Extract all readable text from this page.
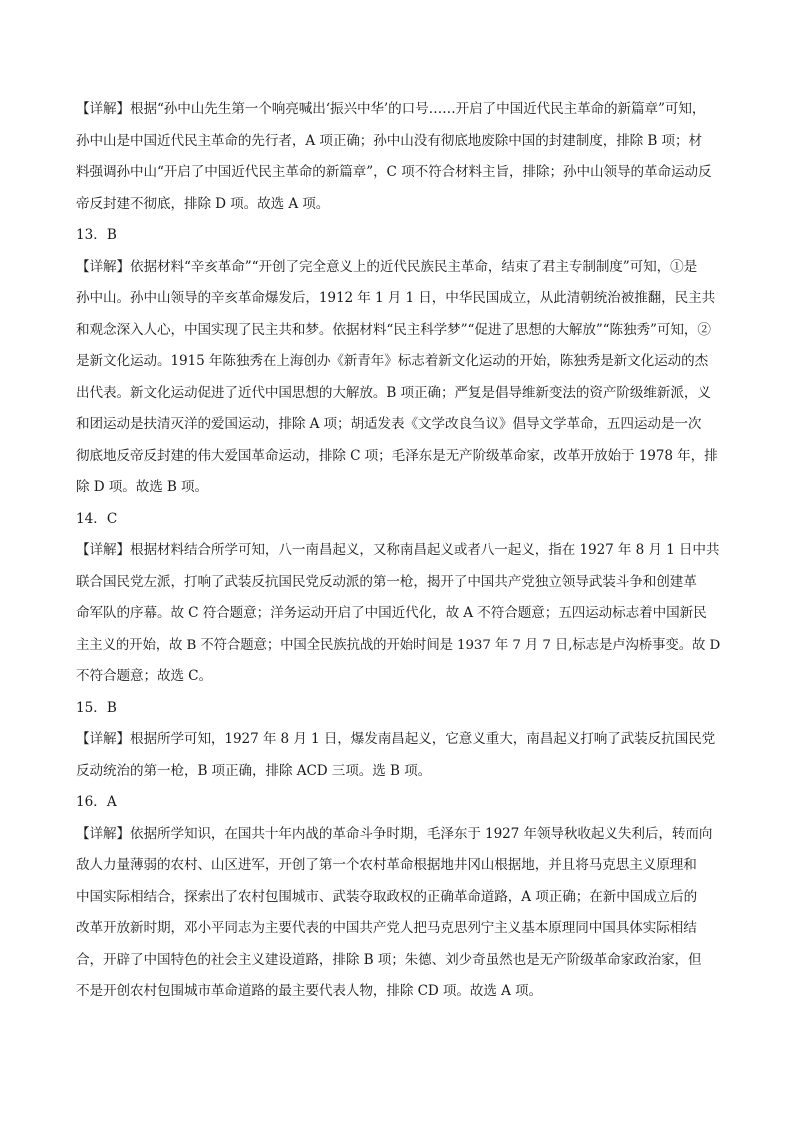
【详解】根据“孙中山先生第一个响亮喊出‘振兴中华’的口号……开启了中国近代民主革命的新篇章”可知，
孙中山是中国近代民主革命的先行者，A 项正确；孙中山没有彻底地废除中国的封建制度，排除 B 项；材
料强调孙中山“开启了中国近代民主革命的新篇章”，C 项不符合材料主旨，排除；孙中山领导的革命运动反
帝反封建不彻底，排除 D 项。故选 A 项。
13．B
【详解】依据材料“辛亥革命”“开创了完全意义上的近代民族民主革命，结束了君主专制制度”可知，①是
孙中山。孙中山领导的辛亥革命爆发后，1912 年 1 月 1 日，中华民国成立，从此清朝统治被推翻，民主共
和观念深入人心，中国实现了民主共和梦。依据材料“民主科学梦”“促进了思想的大解放”“陈独秀”可知，②
是新文化运动。1915 年陈独秀在上海创办《新青年》标志着新文化运动的开始，陈独秀是新文化运动的杰
出代表。新文化运动促进了近代中国思想的大解放。B 项正确；严复是倡导维新变法的资产阶级维新派，义
和团运动是扶清灭洋的爱国运动，排除 A 项；胡适发表《文学改良刍议》倡导文学革命，五四运动是一次
彻底地反帝反封建的伟大爱国革命运动，排除 C 项；毛泽东是无产阶级革命家，改革开放始于 1978 年，排
除 D 项。故选 B 项。
14．C
【详解】根据材料结合所学可知，八一南昌起义，又称南昌起义或者八一起义，指在 1927 年 8 月 1 日中共
联合国民党左派，打响了武装反抗国民党反动派的第一枪，揭开了中国共产党独立领导武装斗争和创建革
命军队的序幕。故 C 符合题意；洋务运动开启了中国近代化，故 A 不符合题意；五四运动标志着中国新民
主主义的开始，故 B 不符合题意；中国全民族抗战的开始时间是 1937 年 7 月 7 日,标志是卢沟桥事变。故 D
不符合题意；故选 C。
15．B
【详解】根据所学可知，1927 年 8 月 1 日，爆发南昌起义，它意义重大，南昌起义打响了武装反抗国民党
反动统治的第一枪，B 项正确，排除 ACD 三项。选 B 项。
16．A
【详解】依据所学知识，在国共十年内战的革命斗争时期，毛泽东于 1927 年领导秋收起义失利后，转而向
敌人力量薄弱的农村、山区进军，开创了第一个农村革命根据地井冈山根据地，并且将马克思主义原理和
中国实际相结合，探索出了农村包围城市、武装夺取政权的正确革命道路，A 项正确；在新中国成立后的
改革开放新时期，邓小平同志为主要代表的中国共产党人把马克思列宁主义基本原理同中国具体实际相结
合，开辟了中国特色的社会主义建设道路，排除 B 项；朱德、刘少奇虽然也是无产阶级革命家政治家，但
不是开创农村包围城市革命道路的最主要代表人物，排除 CD 项。故选 A 项。
